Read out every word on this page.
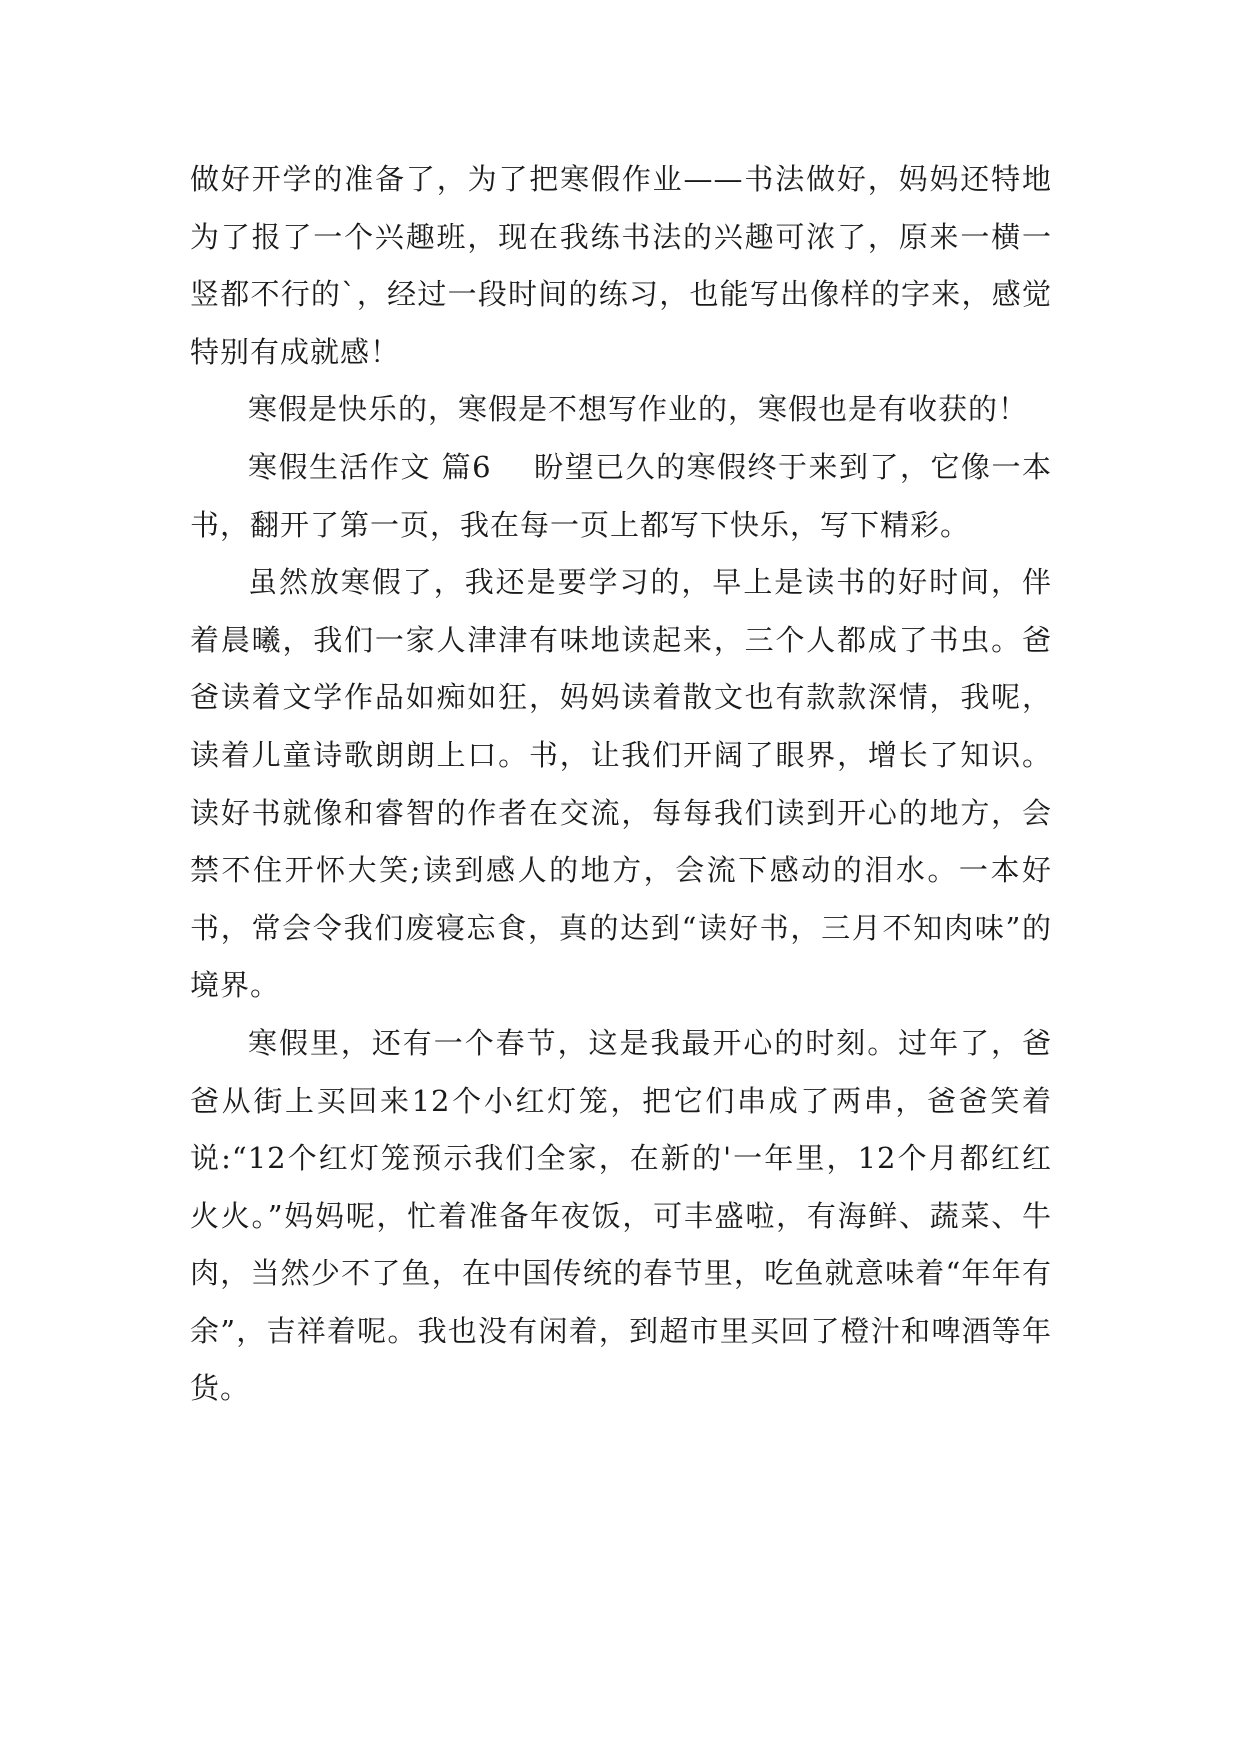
做好开学的准备了，为了把寒假作业——书法做好，妈妈还特地为了报了一个兴趣班，现在我练书法的兴趣可浓了，原来一横一竖都不行的`，经过一段时间的练习，也能写出像样的字来，感觉特别有成就感！

寒假是快乐的，寒假是不想写作业的，寒假也是有收获的！

寒假生活作文 篇6 盼望已久的寒假终于来到了，它像一本书，翻开了第一页，我在每一页上都写下快乐，写下精彩。

虽然放寒假了，我还是要学习的，早上是读书的好时间，伴着晨曦，我们一家人津津有味地读起来，三个人都成了书虫。爸爸读着文学作品如痴如狂，妈妈读着散文也有款款深情，我呢，读着儿童诗歌朗朗上口。书，让我们开阔了眼界，增长了知识。读好书就像和睿智的作者在交流，每每我们读到开心的地方，会禁不住开怀大笑;读到感人的地方，会流下感动的泪水。一本好书，常会令我们废寝忘食，真的达到“读好书，三月不知肉味”的境界。

寒假里，还有一个春节，这是我最开心的时刻。过年了，爸爸从街上买回来12个小红灯笼，把它们串成了两串，爸爸笑着说:“12个红灯笼预示我们全家，在新的'一年里，12个月都红红火火。”妈妈呢，忙着准备年夜饭，可丰盛啦，有海鲜、蔬菜、牛肉，当然少不了鱼，在中国传统的春节里，吃鱼就意味着“年年有余”，吉祥着呢。我也没有闲着，到超市里买回了橙汁和啤酒等年货。
